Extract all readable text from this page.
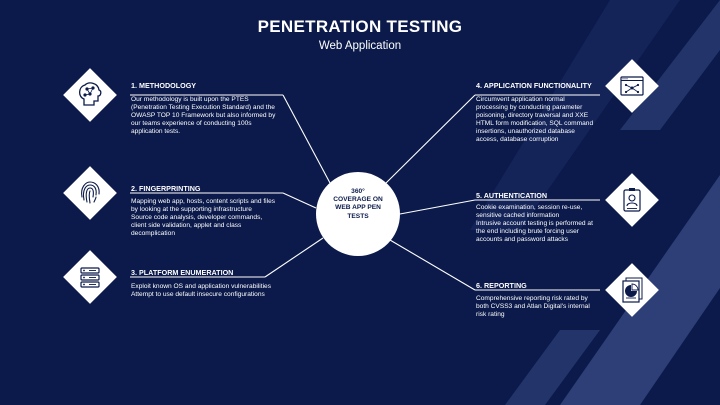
PENETRATION TESTING
Web Application
360°
COVERAGE ON
WEB APP PEN
TESTS
1. METHODOLOGY

Our methodology is built upon the PTES (Penetration Testing Execution Standard) and the OWASP TOP 10 Framework but also informed by our teams experience of conducting 100s application tests.

2. FINGERPRINTING

Mapping web app, hosts, content scripts and files by looking at the supporting infrastructure

Source code analysis, developer commands, client side validation, applet and class decomplication

3. PLATFORM ENUMERATION

Exploit known OS and application vulnerabilities

Attempt to use default insecure configurations

4. APPLICATION FUNCTIONALITY

Circumvent application normal processing by conducting parameter poisoning, directory traversal and XXE

HTML form modification, SQL command insertions, unauthorized database access, database corruption

5. AUTHENTICATION

Cookie examination, session re-use, sensitive cached information

Intrusive account testing is performed at the end including brute forcing user accounts and password attacks

6. REPORTING

Comprehensive reporting risk rated by both CVSS3 and Atlan Digital's internal risk rating
